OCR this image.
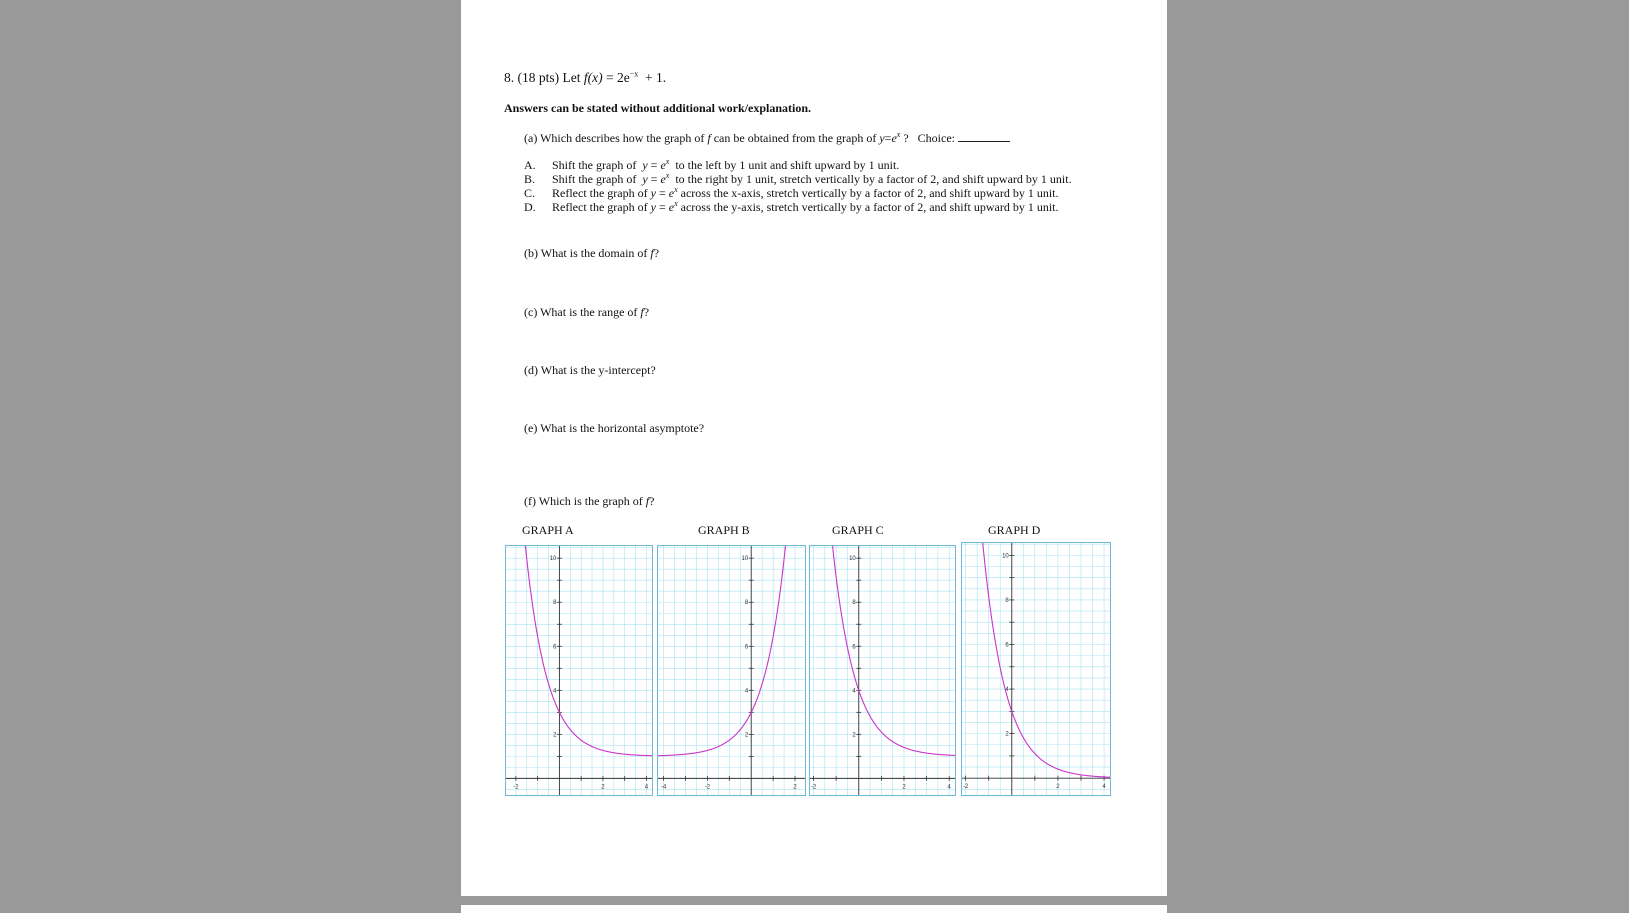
8. (18 pts) Let $f(x) = 2e^{-x} + 1$.
Answers can be stated without additional work/explanation.
(a) Which describes how the graph of f can be obtained from the graph of $y=e^x$ ? Choice:
A. Shift the graph of $y = e^x$ to the left by 1 unit and shift upward by 1 unit.
B. Shift the graph of $y = e^x$ to the right by 1 unit, stretch vertically by a factor of 2, and shift upward by 1 unit.
C. Reflect the graph of $y = e^x$ across the x-axis, stretch vertically by a factor of 2, and shift upward by 1 unit.
D. Reflect the graph of $y = e^x$ across the y-axis, stretch vertically by a factor of 2, and shift upward by 1 unit.
(b) What is the domain of f?
(c) What is the range of f?
(d) What is the y-intercept?
(e) What is the horizontal asymptote?
(f) Which is the graph of f?
GRAPH A	GRAPH B	GRAPH C	GRAPH D
-2	2	4
10
8
6
4
2
-4	-2	2
10
8
6
4
2
-2	2	4
10
8
6
4
2
-2	2	4
10
8
6
4
2
